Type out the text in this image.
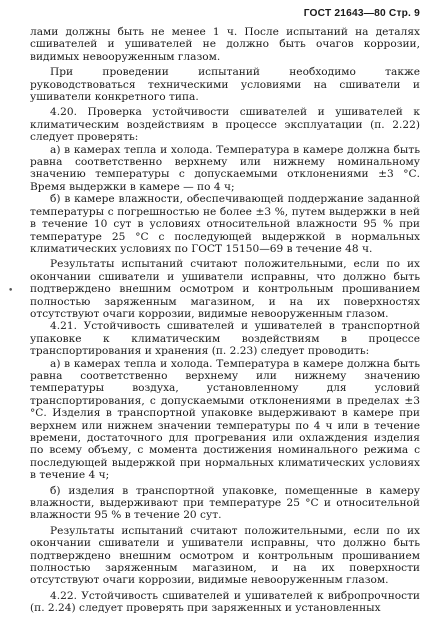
ГОСТ 21643—80 Стр. 9
•

лами должны быть не менее 1 ч. После испытаний на деталях сшивателей и ушивателей не должно быть очагов коррозии, видимых невооруженным глазом.

При проведении испытаний необходимо также руководствоваться техническими условиями на сшиватели и ушиватели конкретного типа.

4.20. Проверка устойчивости сшивателей и ушивателей к климатическим воздействиям в процессе эксплуатации (п. 2.22) следует проверять:

а) в камерах тепла и холода. Температура в камере должна быть равна соответственно верхнему или нижнему номинальному значению температуры с допускаемыми отклонениями ±3 °С. Время выдержки в камере — по 4 ч;

б) в камере влажности, обеспечивающей поддержание заданной температуры с погрешностью не более ±3 %, путем выдержки в ней в течение 10 сут в условиях относительной влажности 95 % при температуре 25 °С с последующей выдержкой в нормальных климатических условиях по ГОСТ 15150—69 в течение 48 ч.

Результаты испытаний считают положительными, если по их окончании сшиватели и ушиватели исправны, что должно быть подтверждено внешним осмотром и контрольным прошиванием полностью заряженным магазином, и на их поверхностях отсутствуют очаги коррозии, видимые невооруженным глазом.

4.21. Устойчивость сшивателей и ушивателей в транспортной упаковке к климатическим воздействиям в процессе транспортирования и хранения (п. 2.23) следует проводить:

а) в камерах тепла и холода. Температура в камере должна быть равна соответственно верхнему или нижнему значению температуры воздуха, установленному для условий транспортирования, с допускаемыми отклонениями в пределах ±3 °С. Изделия в транспортной упаковке выдерживают в камере при верхнем или нижнем значении температуры по 4 ч или в течение времени, достаточного для прогревания или охлаждения изделия по всему объему, с момента достижения номинального режима с последующей выдержкой при нормальных климатических условиях в течение 4 ч;

б) изделия в транспортной упаковке, помещенные в камеру влажности, выдерживают при температуре 25 °С и относительной влажности 95 % в течение 20 сут.

Результаты испытаний считают положительными, если по их окончании сшиватели и ушиватели исправны, что должно быть подтверждено внешним осмотром и контрольным прошиванием полностью заряженным магазином, и на их поверхности отсутствуют очаги коррозии, видимые невооруженным глазом.

4.22. Устойчивость сшивателей и ушивателей к вибропрочности (п. 2.24) следует проверять при заряженных и установленных
